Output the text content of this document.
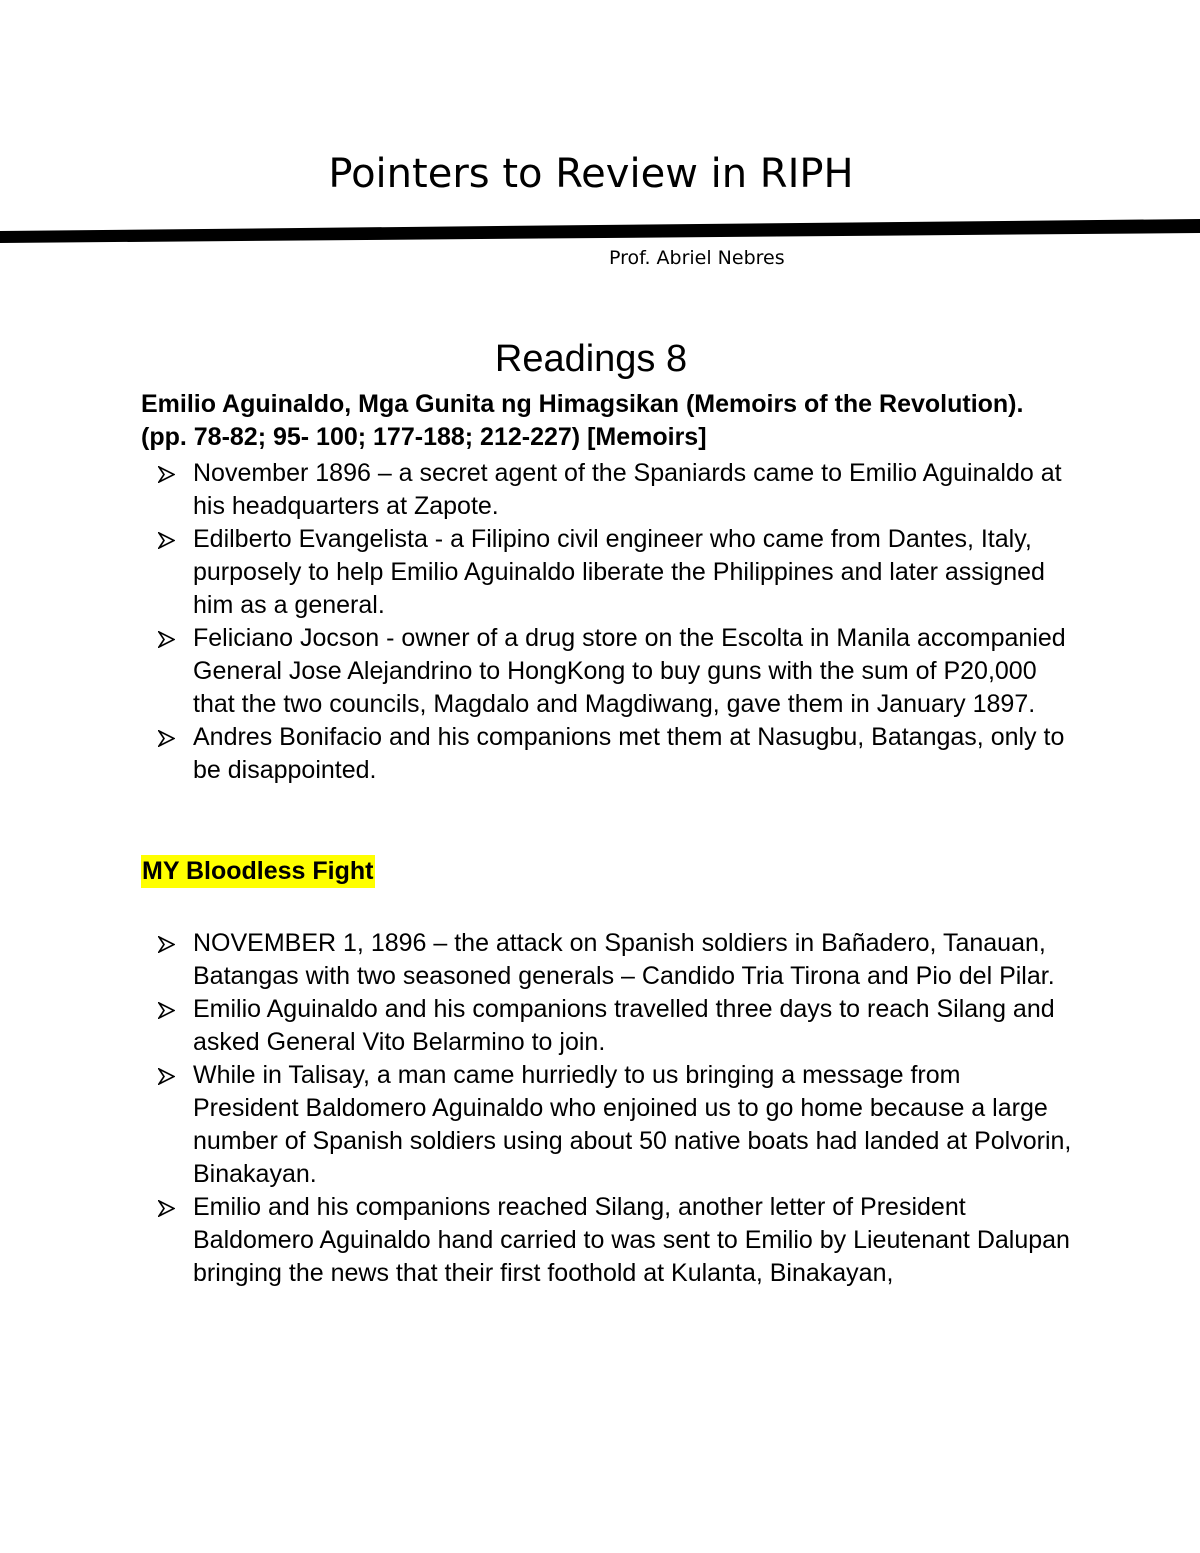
Pointers to Review in RIPH
Prof. Abriel Nebres
Readings 8
Emilio Aguinaldo, Mga Gunita ng Himagsikan (Memoirs of the Revolution). (pp. 78-82; 95- 100; 177-188; 212-227) [Memoirs]
November 1896 – a secret agent of the Spaniards came to Emilio Aguinaldo at his headquarters at Zapote.
Edilberto Evangelista - a Filipino civil engineer who came from Dantes, Italy, purposely to help Emilio Aguinaldo liberate the Philippines and later assigned him as a general.
Feliciano Jocson - owner of a drug store on the Escolta in Manila accompanied General Jose Alejandrino to HongKong to buy guns with the sum of P20,000 that the two councils, Magdalo and Magdiwang, gave them in January 1897.
Andres Bonifacio and his companions met them at Nasugbu, Batangas, only to be disappointed.
MY Bloodless Fight
NOVEMBER 1, 1896 – the attack on Spanish soldiers in Bañadero, Tanauan, Batangas with two seasoned generals – Candido Tria Tirona and Pio del Pilar.
Emilio Aguinaldo and his companions travelled three days to reach Silang and asked General Vito Belarmino to join.
While in Talisay, a man came hurriedly to us bringing a message from President Baldomero Aguinaldo who enjoined us to go home because a large number of Spanish soldiers using about 50 native boats had landed at Polvorin, Binakayan.
Emilio and his companions reached Silang, another letter of President Baldomero Aguinaldo hand carried to was sent to Emilio by Lieutenant Dalupan bringing the news that their first foothold at Kulanta, Binakayan,
